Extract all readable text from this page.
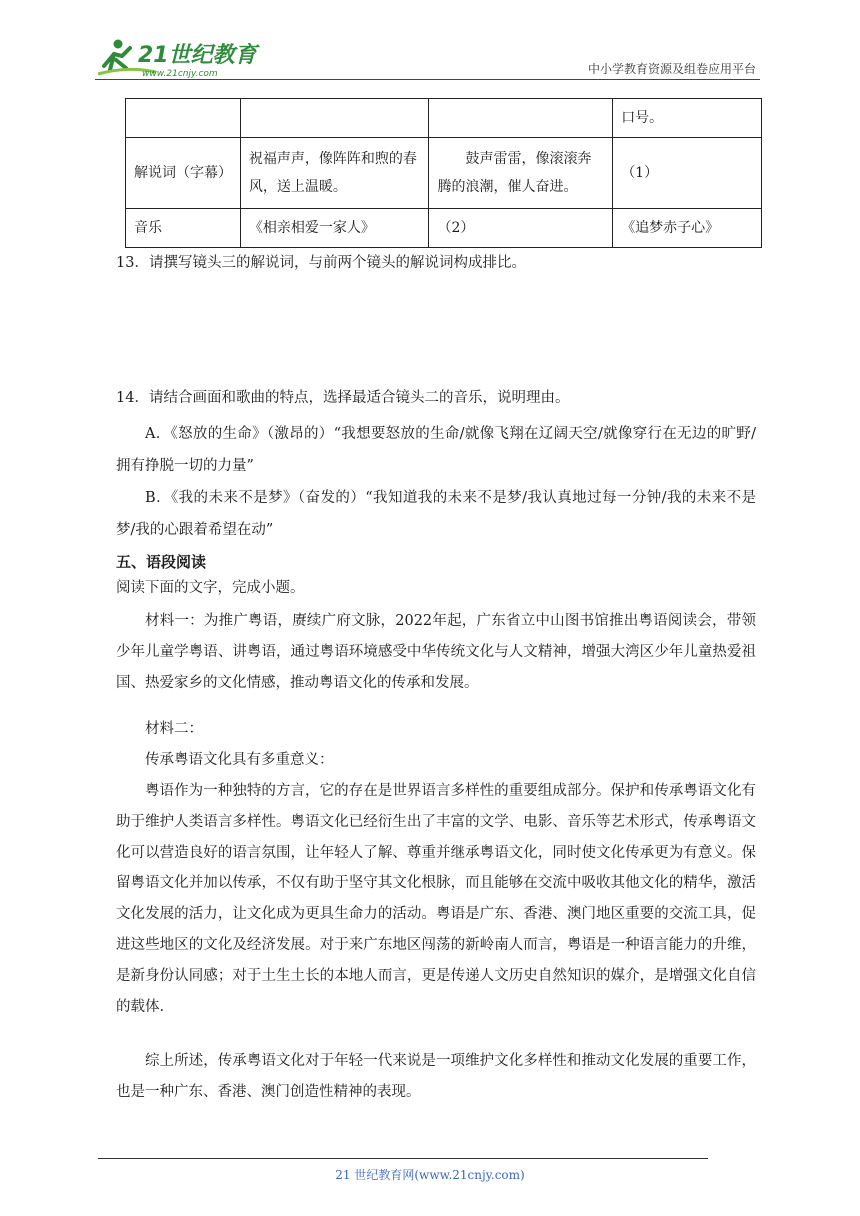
21世纪教育
www.21cnjy.com	中小学教育资源及组卷应用平台
			口号。
解说词（字幕）	祝福声声，像阵阵和煦的春风，送上温暖。	鼓声雷雷，像滚滚奔腾的浪潮，催人奋进。	（1）
音乐	《相亲相爱一家人》	（2）	《追梦赤子心》
13．请撰写镜头三的解说词，与前两个镜头的解说词构成排比。
14．请结合画面和歌曲的特点，选择最适合镜头二的音乐，说明理由。
A．《怒放的生命》（激昂的）“我想要怒放的生命/就像飞翔在辽阔天空/就像穿行在无边的旷野/拥有挣脱一切的力量”
B．《我的未来不是梦》（奋发的）“我知道我的未来不是梦/我认真地过每一分钟/我的未来不是梦/我的心跟着希望在动”
五、语段阅读
阅读下面的文字，完成小题。
材料一：为推广粤语，赓续广府文脉，2022年起，广东省立中山图书馆推出粤语阅读会，带领少年儿童学粤语、讲粤语，通过粤语环境感受中华传统文化与人文精神，增强大湾区少年儿童热爱祖国、热爱家乡的文化情感，推动粤语文化的传承和发展。
材料二：
传承粤语文化具有多重意义：
粤语作为一种独特的方言，它的存在是世界语言多样性的重要组成部分。保护和传承粤语文化有助于维护人类语言多样性。粤语文化已经衍生出了丰富的文学、电影、音乐等艺术形式，传承粤语文化可以营造良好的语言氛围，让年轻人了解、尊重并继承粤语文化，同时使文化传承更为有意义。保留粤语文化并加以传承，不仅有助于坚守其文化根脉，而且能够在交流中吸收其他文化的精华，激活文化发展的活力，让文化成为更具生命力的活动。粤语是广东、香港、澳门地区重要的交流工具，促进这些地区的文化及经济发展。对于来广东地区闯荡的新岭南人而言，粤语是一种语言能力的升维，是新身份认同感；对于土生土长的本地人而言，更是传递人文历史自然知识的媒介，是增强文化自信的载体.
综上所述，传承粤语文化对于年轻一代来说是一项维护文化多样性和推动文化发展的重要工作，也是一种广东、香港、澳门创造性精神的表现。
21 世纪教育网(www.21cnjy.com)
